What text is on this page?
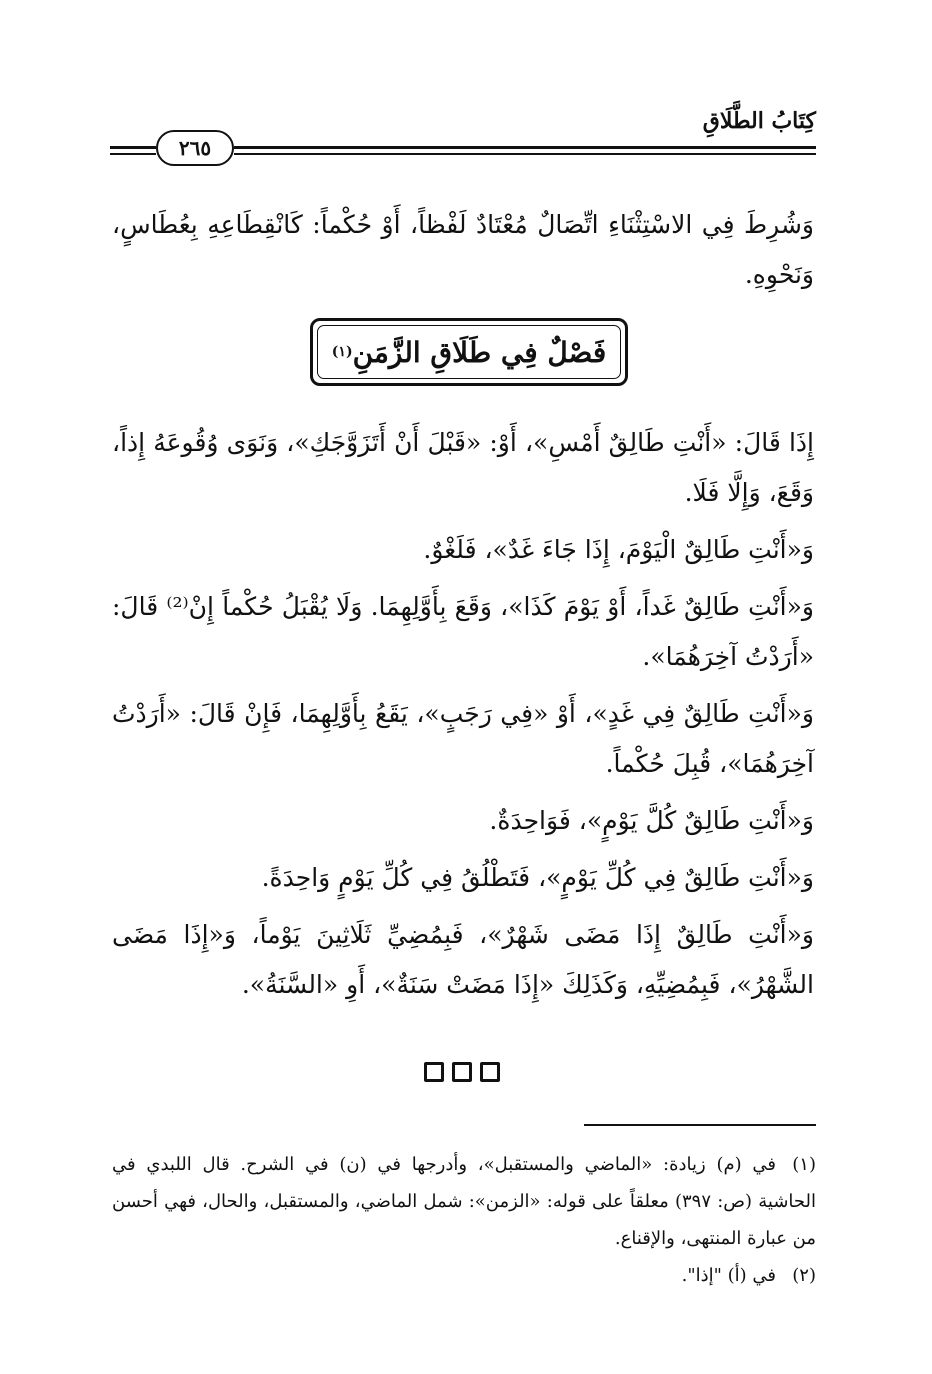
كِتَابُ الطَّلَاقِ
٢٦٥

وَشُرِطَ فِي الاسْتِثْنَاءِ اتِّصَالٌ مُعْتَادٌ لَفْظاً، أَوْ حُكْماً: كَانْقِطَاعِهِ بِعُطَاسٍ، وَنَحْوِهِ.

فَصْلٌ فِي طَلَاقِ الزَّمَنِ
(١)

إِذَا قَالَ: «أَنْتِ طَالِقٌ أَمْسِ»، أَوْ: «قَبْلَ أَنْ أَتَزَوَّجَكِ»، وَنَوَى وُقُوعَهُ إِذاً، وَقَعَ، وَإِلَّا فَلَا.

وَ«أَنْتِ طَالِقٌ الْيَوْمَ، إِذَا جَاءَ غَدٌ»، فَلَغْوٌ.

وَ«أَنْتِ طَالِقٌ غَداً، أَوْ يَوْمَ كَذَا»، وَقَعَ بِأَوَّلِهِمَا. وَلَا يُقْبَلُ حُكْماً إِنْ⁽²⁾ قَالَ: «أَرَدْتُ آخِرَهُمَا».

وَ«أَنْتِ طَالِقٌ فِي غَدٍ»، أَوْ «فِي رَجَبٍ»، يَقَعُ بِأَوَّلِهِمَا، فَإِنْ قَالَ: «أَرَدْتُ آخِرَهُمَا»، قُبِلَ حُكْماً.

وَ«أَنْتِ طَالِقٌ كُلَّ يَوْمٍ»، فَوَاحِدَةٌ.

وَ«أَنْتِ طَالِقٌ فِي كُلِّ يَوْمٍ»، فَتَطْلُقُ فِي كُلِّ يَوْمٍ وَاحِدَةً.

وَ«أَنْتِ طَالِقٌ إِذَا مَضَى شَهْرٌ»، فَبِمُضِيِّ ثَلَاثِينَ يَوْماً، وَ«إِذَا مَضَى الشَّهْرُ»، فَبِمُضِيِّهِ، وَكَذَلِكَ «إِذَا مَضَتْ سَنَةٌ»، أَوِ «السَّنَةُ».

(١)في (م) زيادة: «الماضي والمستقبل»، وأدرجها في (ن) في الشرح. قال اللبدي في الحاشية (ص: ٣٩٧) معلقاً على قوله: «الزمن»: شمل الماضي، والمستقبل، والحال، فهي أحسن من عبارة المنتهى، والإقناع.

(٢)في (أ) "إذا".
